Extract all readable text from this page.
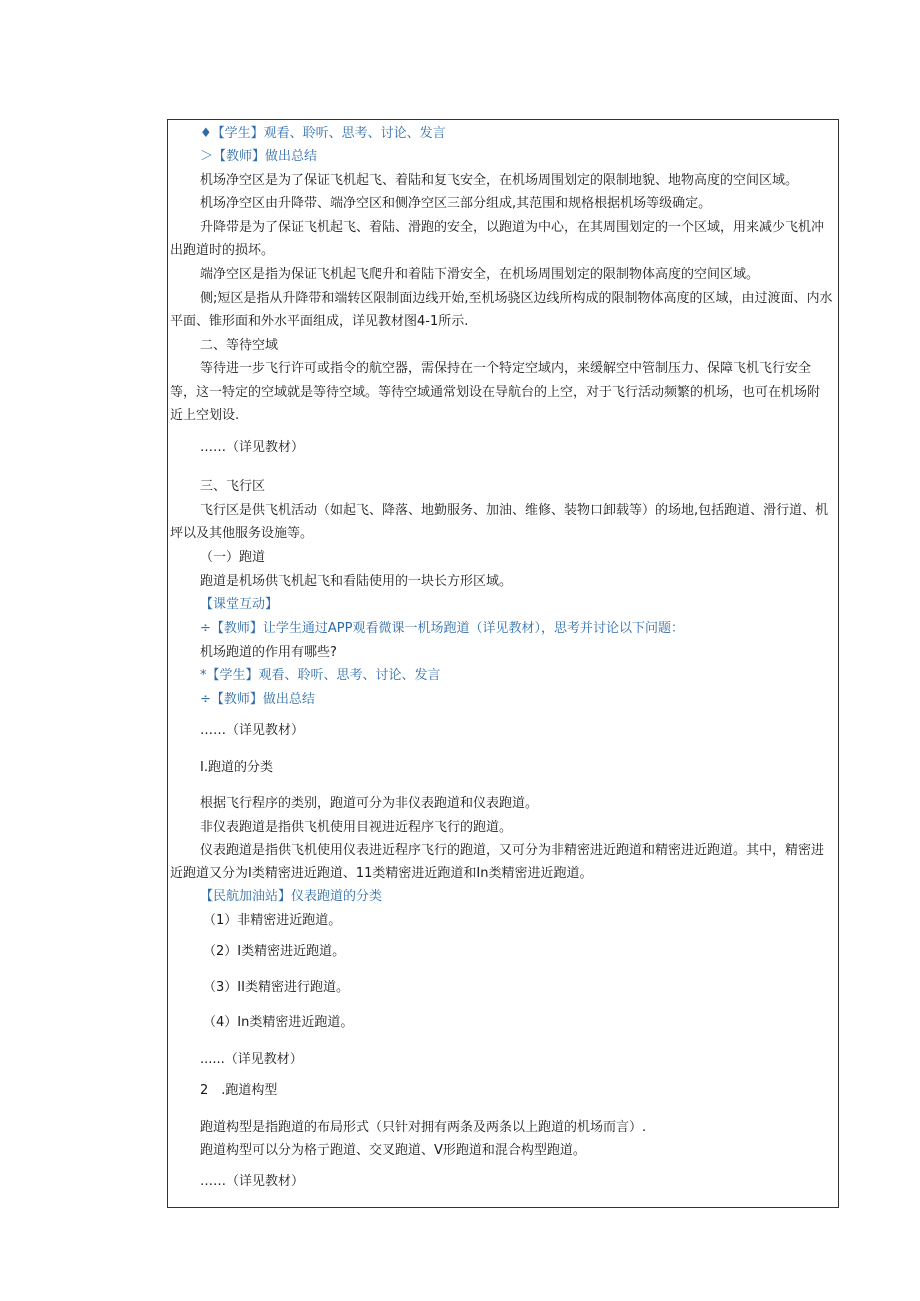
♦【学生】观看、聆听、思考、讨论、发言
＞【教师】做出总结
机场净空区是为了保证飞机起飞、着陆和复飞安全，在机场周围划定的限制地貌、地物高度的空间区域。
机场净空区由升降带、端净空区和侧净空区三部分组成,其范围和规格根据机场等级确定。
升降带是为了保证飞机起飞、着陆、滑跑的安全，以跑道为中心，在其周围划定的一个区域，用来减少飞机冲
出跑道时的损坏。
端净空区是指为保证飞机起飞爬升和着陆下滑安全，在机场周围划定的限制物体高度的空间区域。
侧;短区是指从升降带和端转区限制面边线开始,至机场骁区边线所构成的限制物体高度的区域，由过渡面、内水
平面、锥形面和外水平面组成，详见教材图4-1所示.
二、等待空域
等待进一步飞行许可或指令的航空器，需保持在一个特定空域内，来缓解空中管制压力、保障飞机飞行安全
等，这一特定的空域就是等待空域。等待空域通常划设在导航台的上空，对于飞行活动频繁的机场，也可在机场附
近上空划设.
……（详见教材）
三、飞行区
飞行区是供飞机活动（如起飞、降落、地勤服务、加油、维修、装物口卸载等）的场地,包括跑道、滑行道、机
坪以及其他服务设施等。
（一）跑道
跑道是机场供飞机起飞和看陆使用的一块长方形区域。
【课堂互动】
÷【教师】让学生通过APP观看微课一机场跑道（详见教材），思考并讨论以下问题：
机场跑道的作用有哪些?
*【学生】观看、聆听、思考、讨论、发言
÷【教师】做出总结
……（详见教材）
I.跑道的分类
根据飞行程序的类别，跑道可分为非仪表跑道和仪表跑道。
非仪表跑道是指供飞机使用目视进近程序飞行的跑道。
仪表跑道是指供飞机使用仪表进近程序飞行的跑道，又可分为非精密进近跑道和精密进近跑道。其中，精密进
近跑道又分为I类精密进近跑道、11类精密进近跑道和In类精密进近跑道。
【民航加油站】仪表跑道的分类
（1）非精密进近跑道。
（2）I类精密进近跑道。
（3）II类精密进行跑道。
（4）In类精密进近跑道。
......（详见教材）
2　.跑道构型
跑道构型是指跑道的布局形式（只针对拥有两条及两条以上跑道的机场而言）.
跑道构型可以分为格亍跑道、交叉跑道、V形跑道和混合构型跑道。
……（详见教材）
